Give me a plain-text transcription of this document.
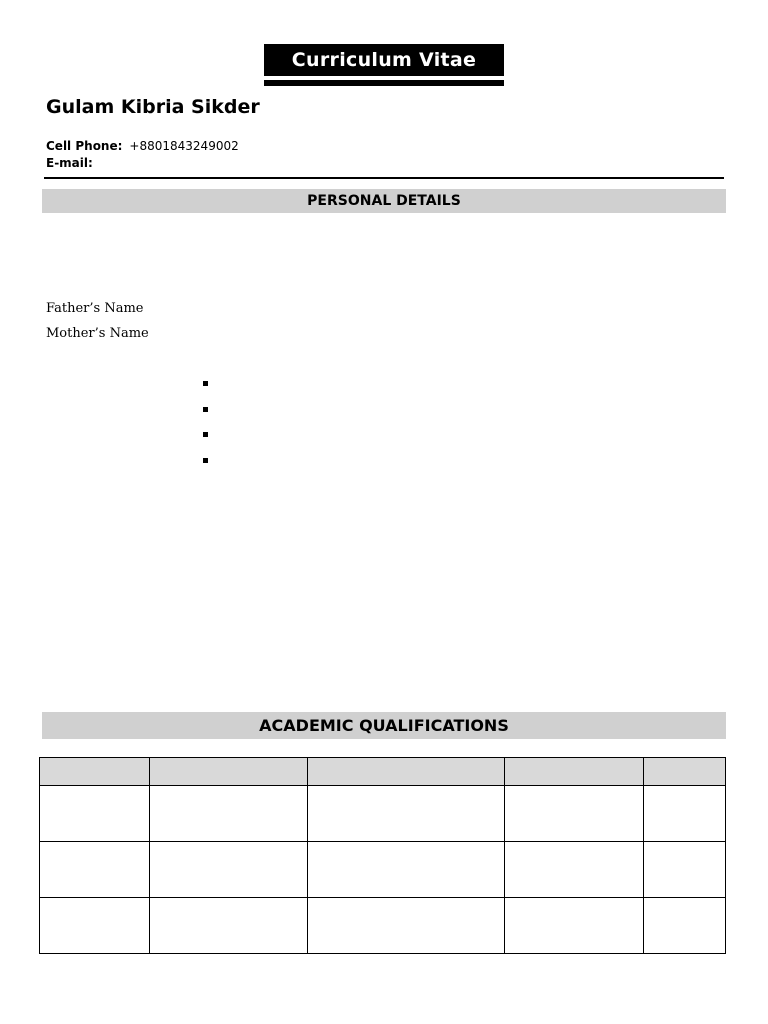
Curriculum Vitae
Gulam Kibria Sikder
Cell Phone: +8801843249002
E-mail:
PERSONAL DETAILS
Father’s Name
Mother’s Name
ACADEMIC QUALIFICATIONS
